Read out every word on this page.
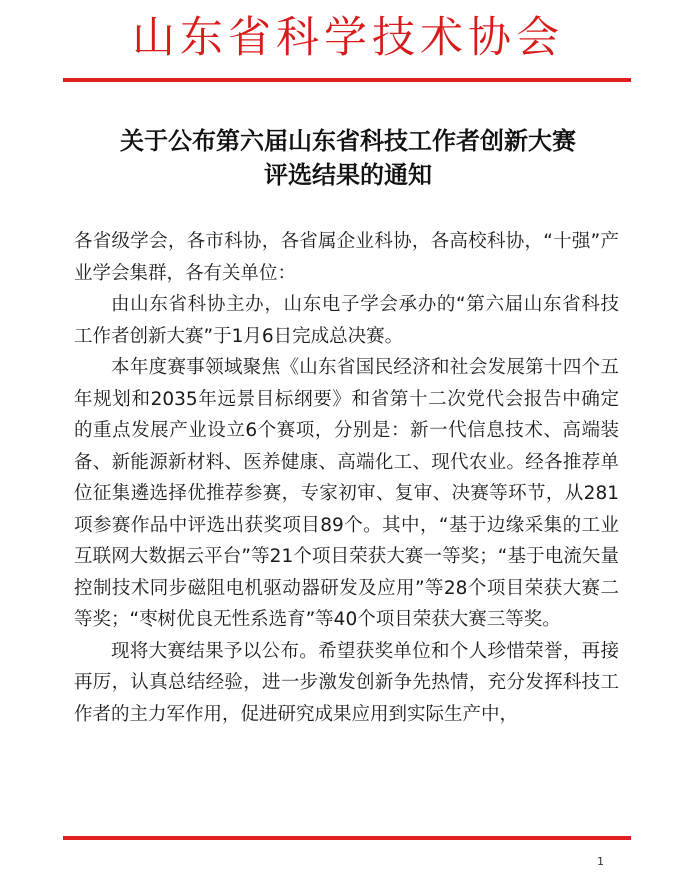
山东省科学技术协会
关于公布第六届山东省科技工作者创新大赛
评选结果的通知

各省级学会，各市科协，各省属企业科协，各高校科协，“十强”产业学会集群，各有关单位：

由山东省科协主办，山东电子学会承办的“第六届山东省科技工作者创新大赛”于1月6日完成总决赛。

本年度赛事领域聚焦《山东省国民经济和社会发展第十四个五年规划和2035年远景目标纲要》和省第十二次党代会报告中确定的重点发展产业设立6个赛项，分别是：新一代信息技术、高端装备、新能源新材料、医养健康、高端化工、现代农业。经各推荐单位征集遴选择优推荐参赛，专家初审、复审、决赛等环节，从281项参赛作品中评选出获奖项目89个。其中，“基于边缘采集的工业互联网大数据云平台”等21个项目荣获大赛一等奖；“基于电流矢量控制技术同步磁阻电机驱动器研发及应用”等28个项目荣获大赛二等奖；“枣树优良无性系选育”等40个项目荣获大赛三等奖。

现将大赛结果予以公布。希望获奖单位和个人珍惜荣誉，再接再厉，认真总结经验，进一步激发创新争先热情，充分发挥科技工作者的主力军作用，促进研究成果应用到实际生产中，

1
